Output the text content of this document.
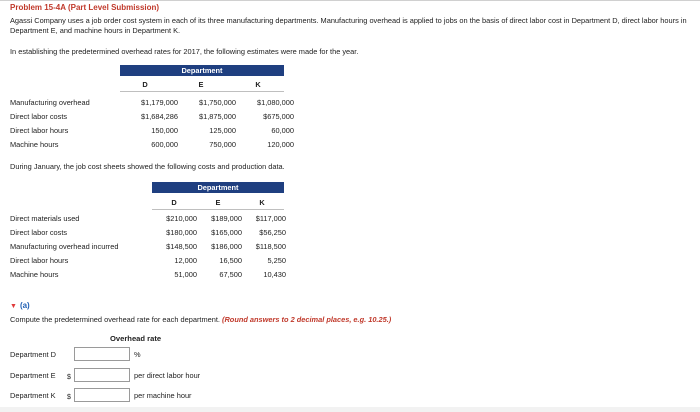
Problem 15-4A (Part Level Submission)
Agassi Company uses a job order cost system in each of its three manufacturing departments. Manufacturing overhead is applied to jobs on the basis of direct labor cost in Department D, direct labor hours in Department E, and machine hours in Department K.
In establishing the predetermined overhead rates for 2017, the following estimates were made for the year.
Department
D	E	K
Manufacturing overhead	$1,179,000	$1,750,000	$1,080,000
Direct labor costs	$1,684,286	$1,875,000	$675,000
Direct labor hours	150,000	125,000	60,000
Machine hours	600,000	750,000	120,000
During January, the job cost sheets showed the following costs and production data.
Department
D	E	K
Direct materials used	$210,000	$189,000	$117,000
Direct labor costs	$180,000	$165,000	$56,250
Manufacturing overhead incurred	$148,500	$186,000	$118,500
Direct labor hours	12,000	16,500	5,250
Machine hours	51,000	67,500	10,430
▼ (a)
Compute the predetermined overhead rate for each department. (Round answers to 2 decimal places, e.g. 10.25.)
Overhead rate
Department D	%
Department E $	per direct labor hour
Department K $	per machine hour
